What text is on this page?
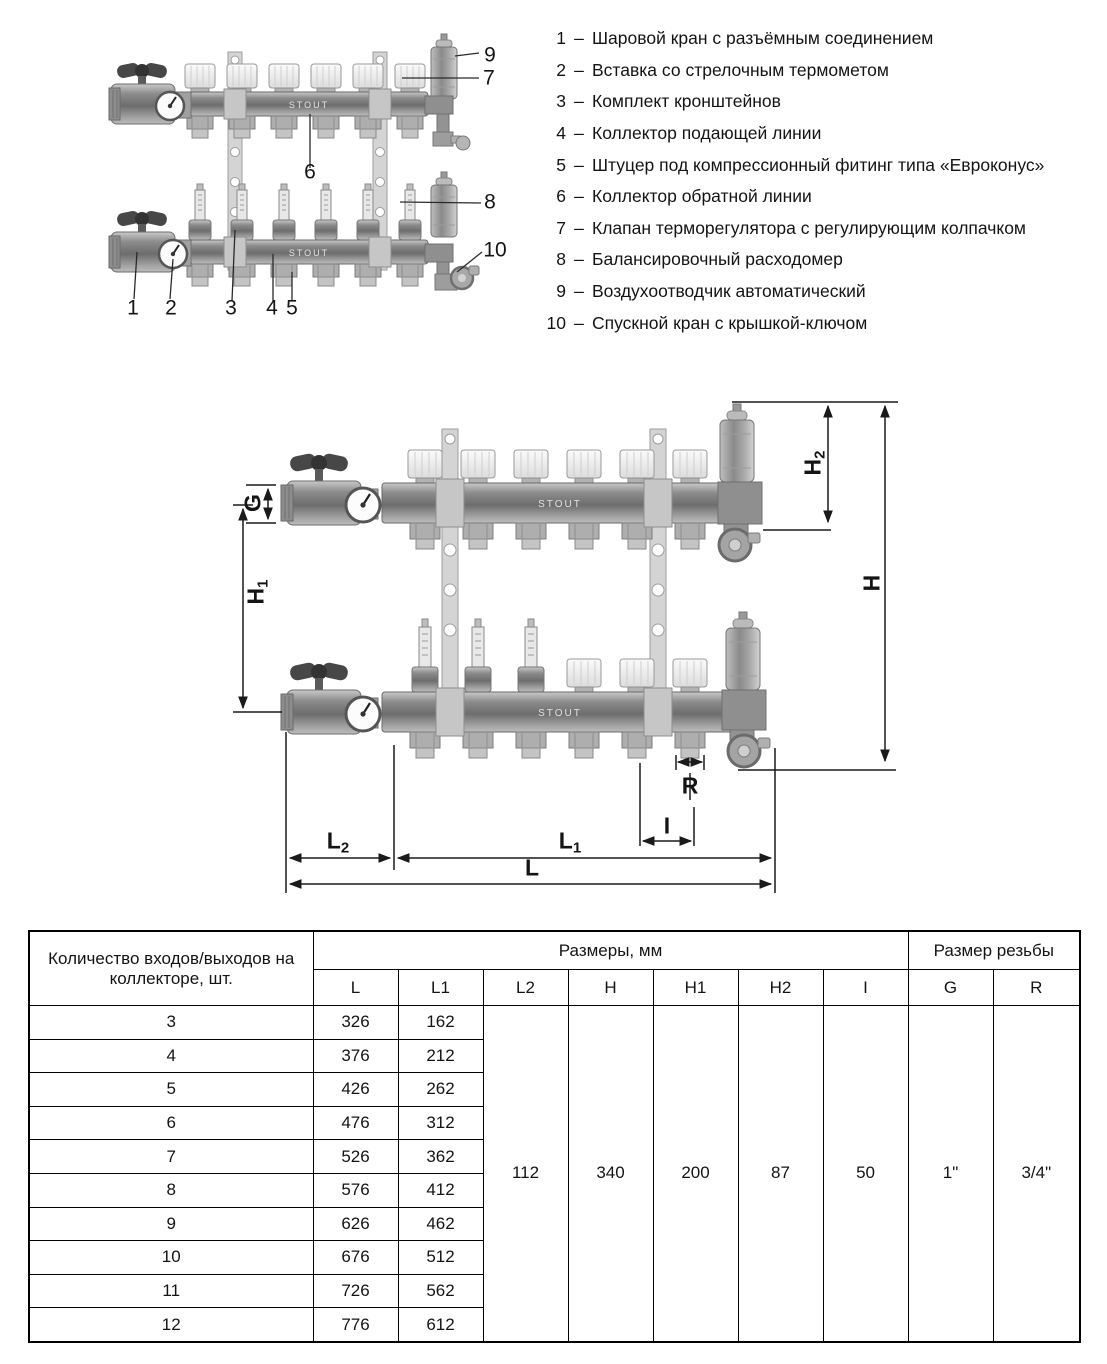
STOUT
STOUT
1 2 3 4 5
6
7
8
9
10
1 – Шаровой кран с разъёмным соединением
2 – Вставка со стрелочным термометом
3 – Комплект кронштейнов
4 – Коллектор подающей линии
5 – Штуцер под компрессионный фитинг типа «Евроконус»
6 – Коллектор обратной линии
7 – Клапан терморегулятора с регулирующим колпачком
8 – Балансировочный расходомер
9 – Воздухоотводчик автоматический
10 – Спускной кран с крышкой-ключом
STOUT
STOUT
G
H1
H2
H
R
I
L2	L1
L
Количество входов/выходов на коллекторе, шт.	Размеры, мм							Размер резьбы	
	L	L1	L2	H	H1	H2	I	G	R
3	326	162	112	340	200	87	50	1"	3/4"
4	376	212							
5	426	262							
6	476	312							
7	526	362							
8	576	412							
9	626	462							
10	676	512							
11	726	562							
12	776	612							
